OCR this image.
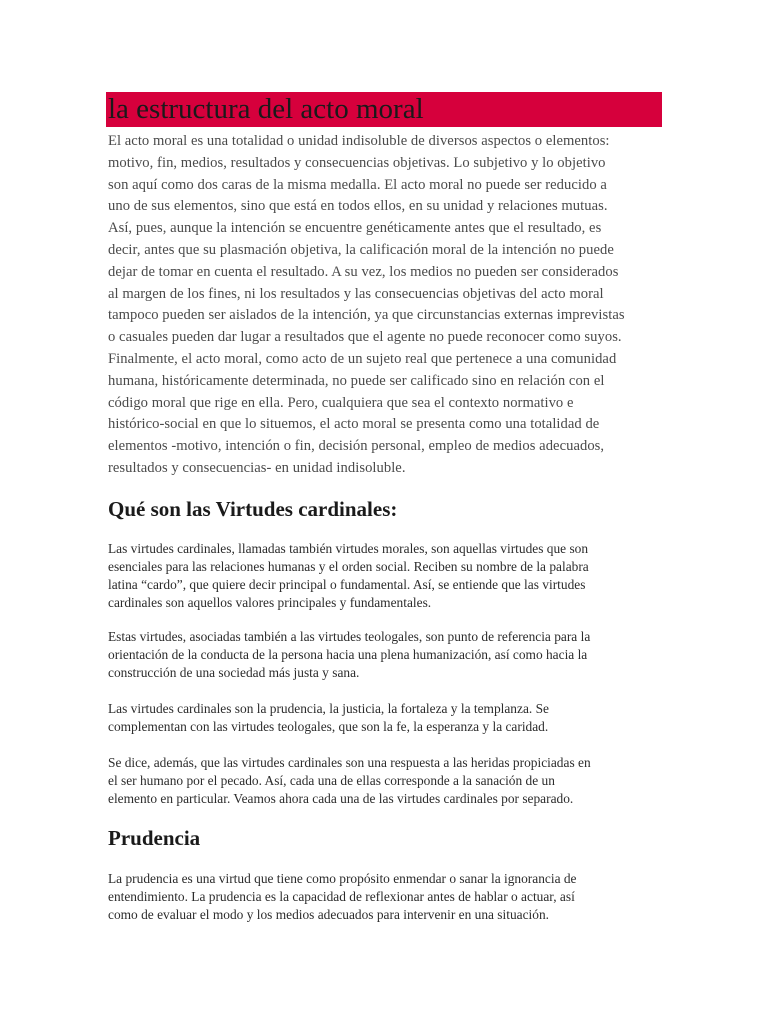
la estructura del acto moral

El acto moral es una totalidad o unidad indisoluble de diversos aspectos o elementos:
motivo, fin, medios, resultados y consecuencias objetivas. Lo subjetivo y lo objetivo
son aquí como dos caras de la misma medalla. El acto moral no puede ser reducido a
uno de sus elementos, sino que está en todos ellos, en su unidad y relaciones mutuas.
Así, pues, aunque la intención se encuentre genéticamente antes que el resultado, es
decir, antes que su plasmación objetiva, la calificación moral de la intención no puede
dejar de tomar en cuenta el resultado. A su vez, los medios no pueden ser considerados
al margen de los fines, ni los resultados y las consecuencias objetivas del acto moral
tampoco pueden ser aislados de la intención, ya que circunstancias externas imprevistas
o casuales pueden dar lugar a resultados que el agente no puede reconocer como suyos.
Finalmente, el acto moral, como acto de un sujeto real que pertenece a una comunidad
humana, históricamente determinada, no puede ser calificado sino en relación con el
código moral que rige en ella. Pero, cualquiera que sea el contexto normativo e
histórico-social en que lo situemos, el acto moral se presenta como una totalidad de
elementos -motivo, intención o fin, decisión personal, empleo de medios adecuados,
resultados y consecuencias- en unidad indisoluble.

Qué son las Virtudes cardinales:

Las virtudes cardinales, llamadas también virtudes morales, son aquellas virtudes que son
esenciales para las relaciones humanas y el orden social. Reciben su nombre de la palabra
latina “cardo”, que quiere decir principal o fundamental. Así, se entiende que las virtudes
cardinales son aquellos valores principales y fundamentales.

Estas virtudes, asociadas también a las virtudes teologales, son punto de referencia para la
orientación de la conducta de la persona hacia una plena humanización, así como hacia la
construcción de una sociedad más justa y sana.

Las virtudes cardinales son la prudencia, la justicia, la fortaleza y la templanza. Se
complementan con las virtudes teologales, que son la fe, la esperanza y la caridad.

Se dice, además, que las virtudes cardinales son una respuesta a las heridas propiciadas en
el ser humano por el pecado. Así, cada una de ellas corresponde a la sanación de un
elemento en particular. Veamos ahora cada una de las virtudes cardinales por separado.

Prudencia

La prudencia es una virtud que tiene como propósito enmendar o sanar la ignorancia de
entendimiento. La prudencia es la capacidad de reflexionar antes de hablar o actuar, así
como de evaluar el modo y los medios adecuados para intervenir en una situación.
